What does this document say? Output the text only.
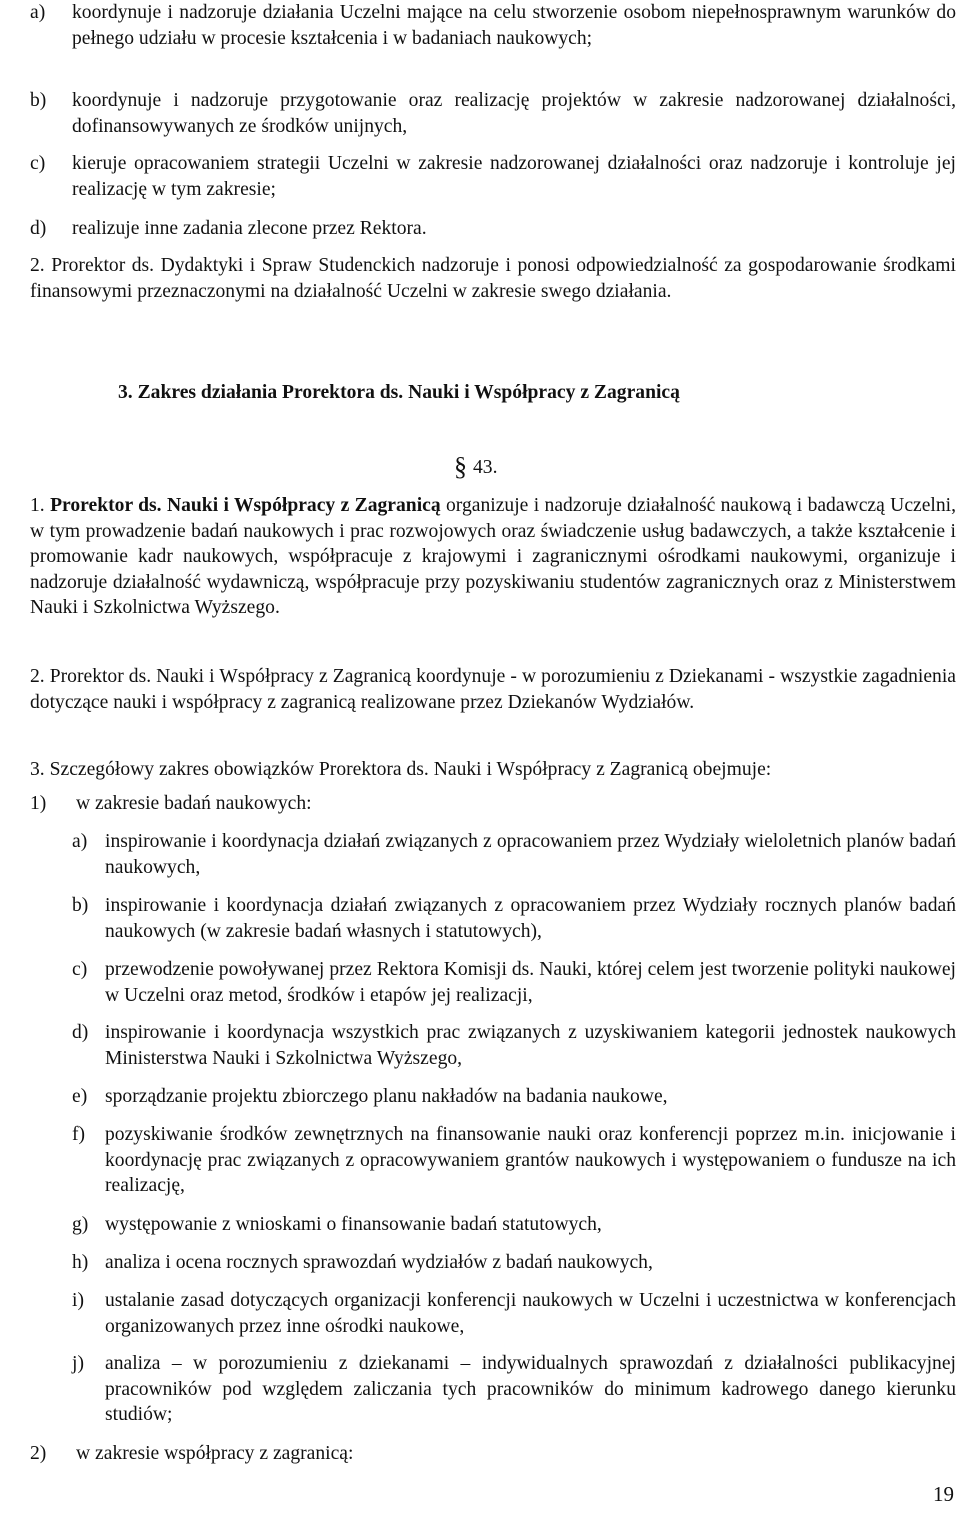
a) koordynuje i nadzoruje działania Uczelni mające na celu stworzenie osobom niepełnosprawnym warunków do pełnego udziału w procesie kształcenia i w badaniach naukowych;
b) koordynuje i nadzoruje przygotowanie oraz realizację projektów w zakresie nadzorowanej działalności, dofinansowywanych ze środków unijnych,
c) kieruje opracowaniem strategii Uczelni w zakresie nadzorowanej działalności oraz nadzoruje i kontroluje jej realizację w tym zakresie;
d) realizuje inne zadania zlecone przez Rektora.
2. Prorektor ds. Dydaktyki i Spraw Studenckich nadzoruje i ponosi odpowiedzialność za gospodarowanie środkami finansowymi przeznaczonymi na działalność Uczelni w zakresie swego działania.
3. Zakres działania Prorektora ds. Nauki i Współpracy z Zagranicą
§ 43.
1. Prorektor ds. Nauki i Współpracy z Zagranicą organizuje i nadzoruje działalność naukową i badawczą Uczelni, w tym prowadzenie badań naukowych i prac rozwojowych oraz świadczenie usług badawczych, a także kształcenie i promowanie kadr naukowych, współpracuje z krajowymi i zagranicznymi ośrodkami naukowymi, organizuje i nadzoruje działalność wydawniczą, współpracuje przy pozyskiwaniu studentów zagranicznych oraz z Ministerstwem Nauki i Szkolnictwa Wyższego.
2. Prorektor ds. Nauki i Współpracy z Zagranicą koordynuje - w porozumieniu z Dziekanami - wszystkie zagadnienia dotyczące nauki i współpracy z zagranicą realizowane przez Dziekanów Wydziałów.
3. Szczegółowy zakres obowiązków Prorektora ds. Nauki i Współpracy z Zagranicą obejmuje:
1) w zakresie badań naukowych:
a) inspirowanie i koordynacja działań związanych z opracowaniem przez Wydziały wieloletnich planów badań naukowych,
b) inspirowanie i koordynacja działań związanych z opracowaniem przez Wydziały rocznych planów badań naukowych (w zakresie badań własnych i statutowych),
c) przewodzenie powoływanej przez Rektora Komisji ds. Nauki, której celem jest tworzenie polityki naukowej w Uczelni oraz metod, środków i etapów jej realizacji,
d) inspirowanie i koordynacja wszystkich prac związanych z uzyskiwaniem kategorii jednostek naukowych Ministerstwa Nauki i Szkolnictwa Wyższego,
e) sporządzanie projektu zbiorczego planu nakładów na badania naukowe,
f) pozyskiwanie środków zewnętrznych na finansowanie nauki oraz konferencji poprzez m.in. inicjowanie i koordynację prac związanych z opracowywaniem grantów naukowych i występowaniem o fundusze na ich realizację,
g) występowanie z wnioskami o finansowanie badań statutowych,
h) analiza i ocena rocznych sprawozdań wydziałów z badań naukowych,
i) ustalanie zasad dotyczących organizacji konferencji naukowych w Uczelni i uczestnictwa w konferencjach organizowanych przez inne ośrodki naukowe,
j) analiza – w porozumieniu z dziekanami – indywidualnych sprawozdań z działalności publikacyjnej pracowników pod względem zaliczania tych pracowników do minimum kadrowego danego kierunku studiów;
2) w zakresie współpracy z zagranicą:
19
